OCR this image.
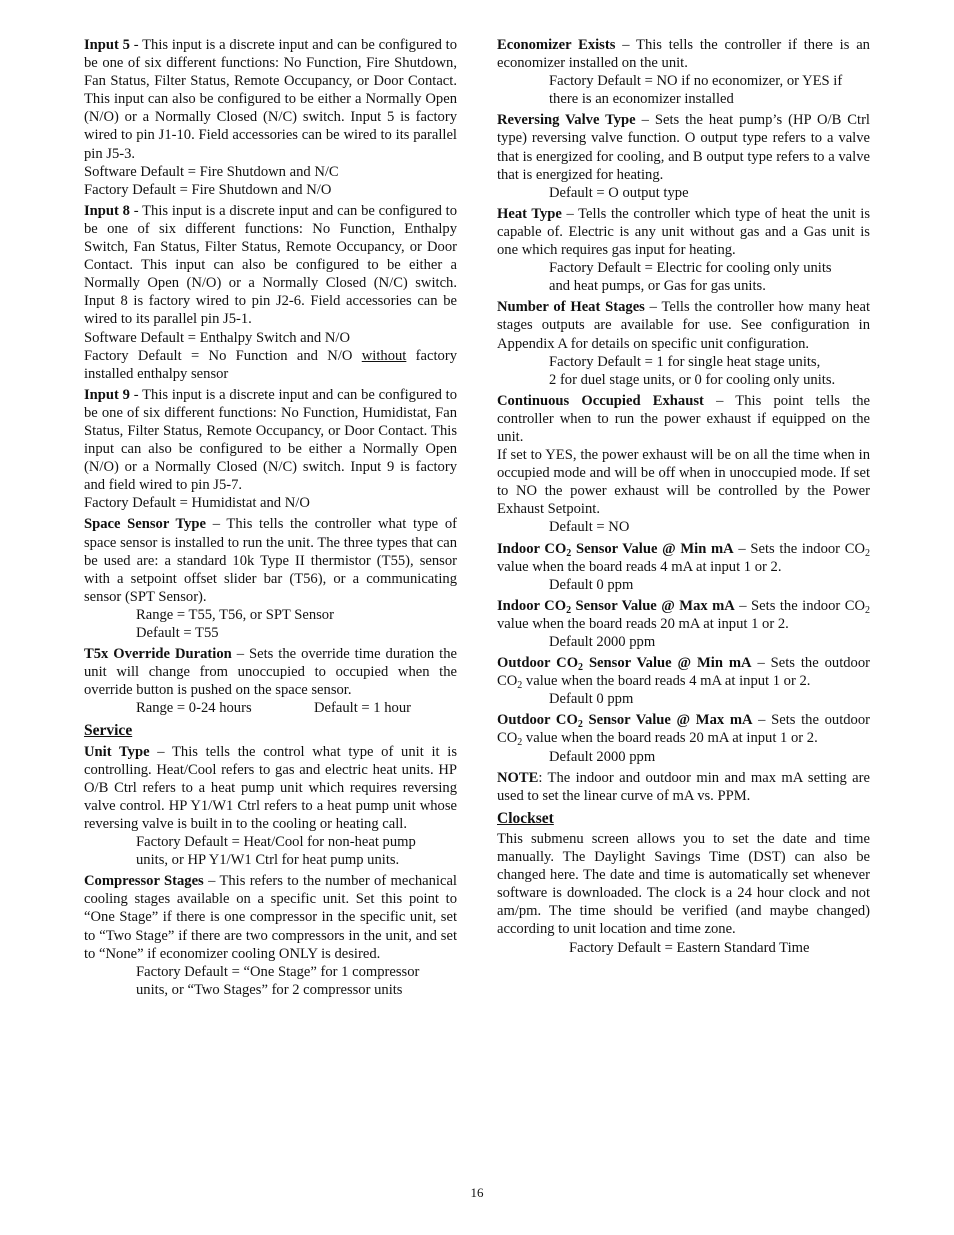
Input 5 - This input is a discrete input and can be configured to be one of six different functions: No Function, Fire Shutdown, Fan Status, Filter Status, Remote Occupancy, or Door Contact. This input can also be configured to be either a Normally Open (N/O) or a Normally Closed (N/C) switch. Input 5 is factory wired to pin J1-10. Field accessories can be wired to its parallel pin J5-3.

Software Default = Fire Shutdown and N/C

Factory Default = Fire Shutdown and N/O

Input 8 - This input is a discrete input and can be configured to be one of six different functions: No Function, Enthalpy Switch, Fan Status, Filter Status, Remote Occupancy, or Door Contact. This input can also be configured to be either a Normally Open (N/O) or a Normally Closed (N/C) switch. Input 8 is factory wired to pin J2-6. Field accessories can be wired to its parallel pin J5-1.

Software Default = Enthalpy Switch and N/O

Factory Default = No Function and N/O without factory installed enthalpy sensor

Input 9 - This input is a discrete input and can be configured to be one of six different functions: No Function, Humidistat, Fan Status, Filter Status, Remote Occupancy, or Door Contact. This input can also be configured to be either a Normally Open (N/O) or a Normally Closed (N/C) switch. Input 9 is factory and field wired to pin J5-7.

Factory Default = Humidistat and N/O

Space Sensor Type – This tells the controller what type of space sensor is installed to run the unit. The three types that can be used are: a standard 10k Type II thermistor (T55), sensor with a setpoint offset slider bar (T56), or a communicating sensor (SPT Sensor).

Range = T55, T56, or SPT Sensor

Default = T55

T5x Override Duration – Sets the override time duration the unit will change from unoccupied to occupied when the override button is pushed on the space sensor.

Range = 0-24 hours	Default = 1 hour

Service

Unit Type – This tells the control what type of unit it is controlling. Heat/Cool refers to gas and electric heat units. HP O/B Ctrl refers to a heat pump unit which requires reversing valve control. HP Y1/W1 Ctrl refers to a heat pump unit whose reversing valve is built in to the cooling or heating call.

Factory Default = Heat/Cool for non-heat pump

units, or HP Y1/W1 Ctrl for heat pump units.

Compressor Stages – This refers to the number of mechanical cooling stages available on a specific unit. Set this point to “One Stage” if there is one compressor in the specific unit, set to “Two Stage” if there are two compressors in the unit, and set to “None” if economizer cooling ONLY is desired.

Factory Default = “One Stage” for 1 compressor

units, or “Two Stages” for 2 compressor units

Economizer Exists – This tells the controller if there is an economizer installed on the unit.

Factory Default = NO if no economizer, or YES if

there is an economizer installed

Reversing Valve Type – Sets the heat pump’s (HP O/B Ctrl type) reversing valve function. O output type refers to a valve that is energized for cooling, and B output type refers to a valve that is energized for heating.

Default = O output type

Heat Type – Tells the controller which type of heat the unit is capable of. Electric is any unit without gas and a Gas unit is one which requires gas input for heating.

Factory Default = Electric for cooling only units

and heat pumps, or Gas for gas units.

Number of Heat Stages – Tells the controller how many heat stages outputs are available for use. See configuration in Appendix A for details on specific unit configuration.

Factory Default = 1 for single heat stage units,

2 for duel stage units, or 0 for cooling only units.

Continuous Occupied Exhaust – This point tells the controller when to run the power exhaust if equipped on the unit.

If set to YES, the power exhaust will be on all the time when in occupied mode and will be off when in unoccupied mode. If set to NO the power exhaust will be controlled by the Power Exhaust Setpoint.

Default = NO

Indoor $CO_2$ Sensor Value @ Min mA – Sets the indoor $CO_2$ value when the board reads 4 mA at input 1 or 2.

Default 0 ppm

Indoor $CO_2$ Sensor Value @ Max mA – Sets the indoor $CO_2$ value when the board reads 20 mA at input 1 or 2.

Default 2000 ppm

Outdoor $CO_2$ Sensor Value @ Min mA – Sets the outdoor $CO_2$ value when the board reads 4 mA at input 1 or 2.

Default 0 ppm

Outdoor $CO_2$ Sensor Value @ Max mA – Sets the outdoor $CO_2$ value when the board reads 20 mA at input 1 or 2.

Default 2000 ppm

NOTE: The indoor and outdoor min and max mA setting are used to set the linear curve of mA vs. PPM.

Clockset

This submenu screen allows you to set the date and time manually. The Daylight Savings Time (DST) can also be changed here. The date and time is automatically set whenever software is downloaded. The clock is a 24 hour clock and not am/pm. The time should be verified (and maybe changed) according to unit location and time zone.

Factory Default = Eastern Standard Time

16
